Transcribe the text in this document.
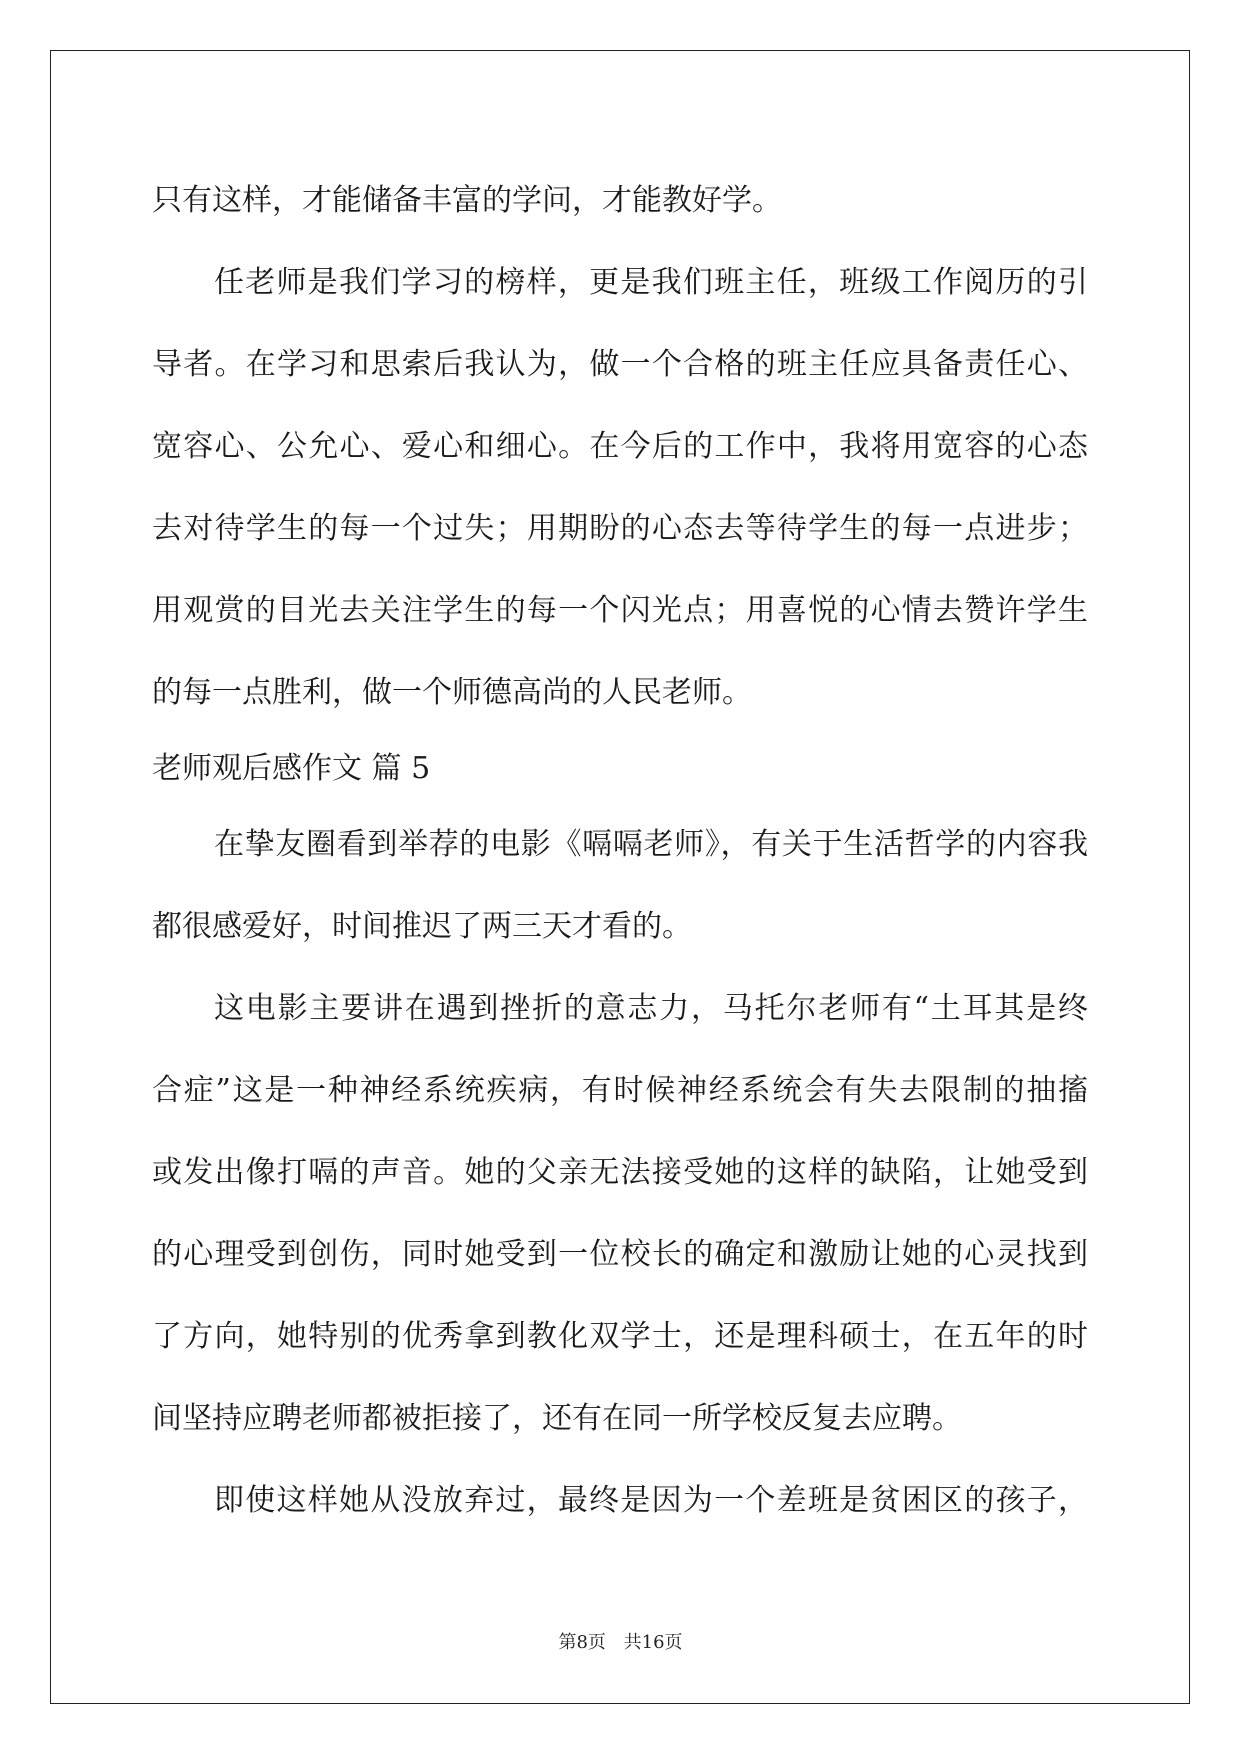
只有这样，才能储备丰富的学问，才能教好学。
任老师是我们学习的榜样，更是我们班主任，班级工作阅历的引
导者。在学习和思索后我认为，做一个合格的班主任应具备责任心、
宽容心、公允心、爱心和细心。在今后的工作中，我将用宽容的心态
去对待学生的每一个过失；用期盼的心态去等待学生的每一点进步；
用观赏的目光去关注学生的每一个闪光点；用喜悦的心情去赞许学生
的每一点胜利，做一个师德高尚的人民老师。
老师观后感作文 篇 5
在挚友圈看到举荐的电影《嗝嗝老师》，有关于生活哲学的内容我
都很感爱好，时间推迟了两三天才看的。
这电影主要讲在遇到挫折的意志力，马托尔老师有“土耳其是终
合症”这是一种神经系统疾病，有时候神经系统会有失去限制的抽搐
或发出像打嗝的声音。她的父亲无法接受她的这样的缺陷，让她受到
的心理受到创伤，同时她受到一位校长的确定和激励让她的心灵找到
了方向，她特别的优秀拿到教化双学士，还是理科硕士，在五年的时
间坚持应聘老师都被拒接了，还有在同一所学校反复去应聘。
即使这样她从没放弃过，最终是因为一个差班是贫困区的孩子，
第8页 共16页
